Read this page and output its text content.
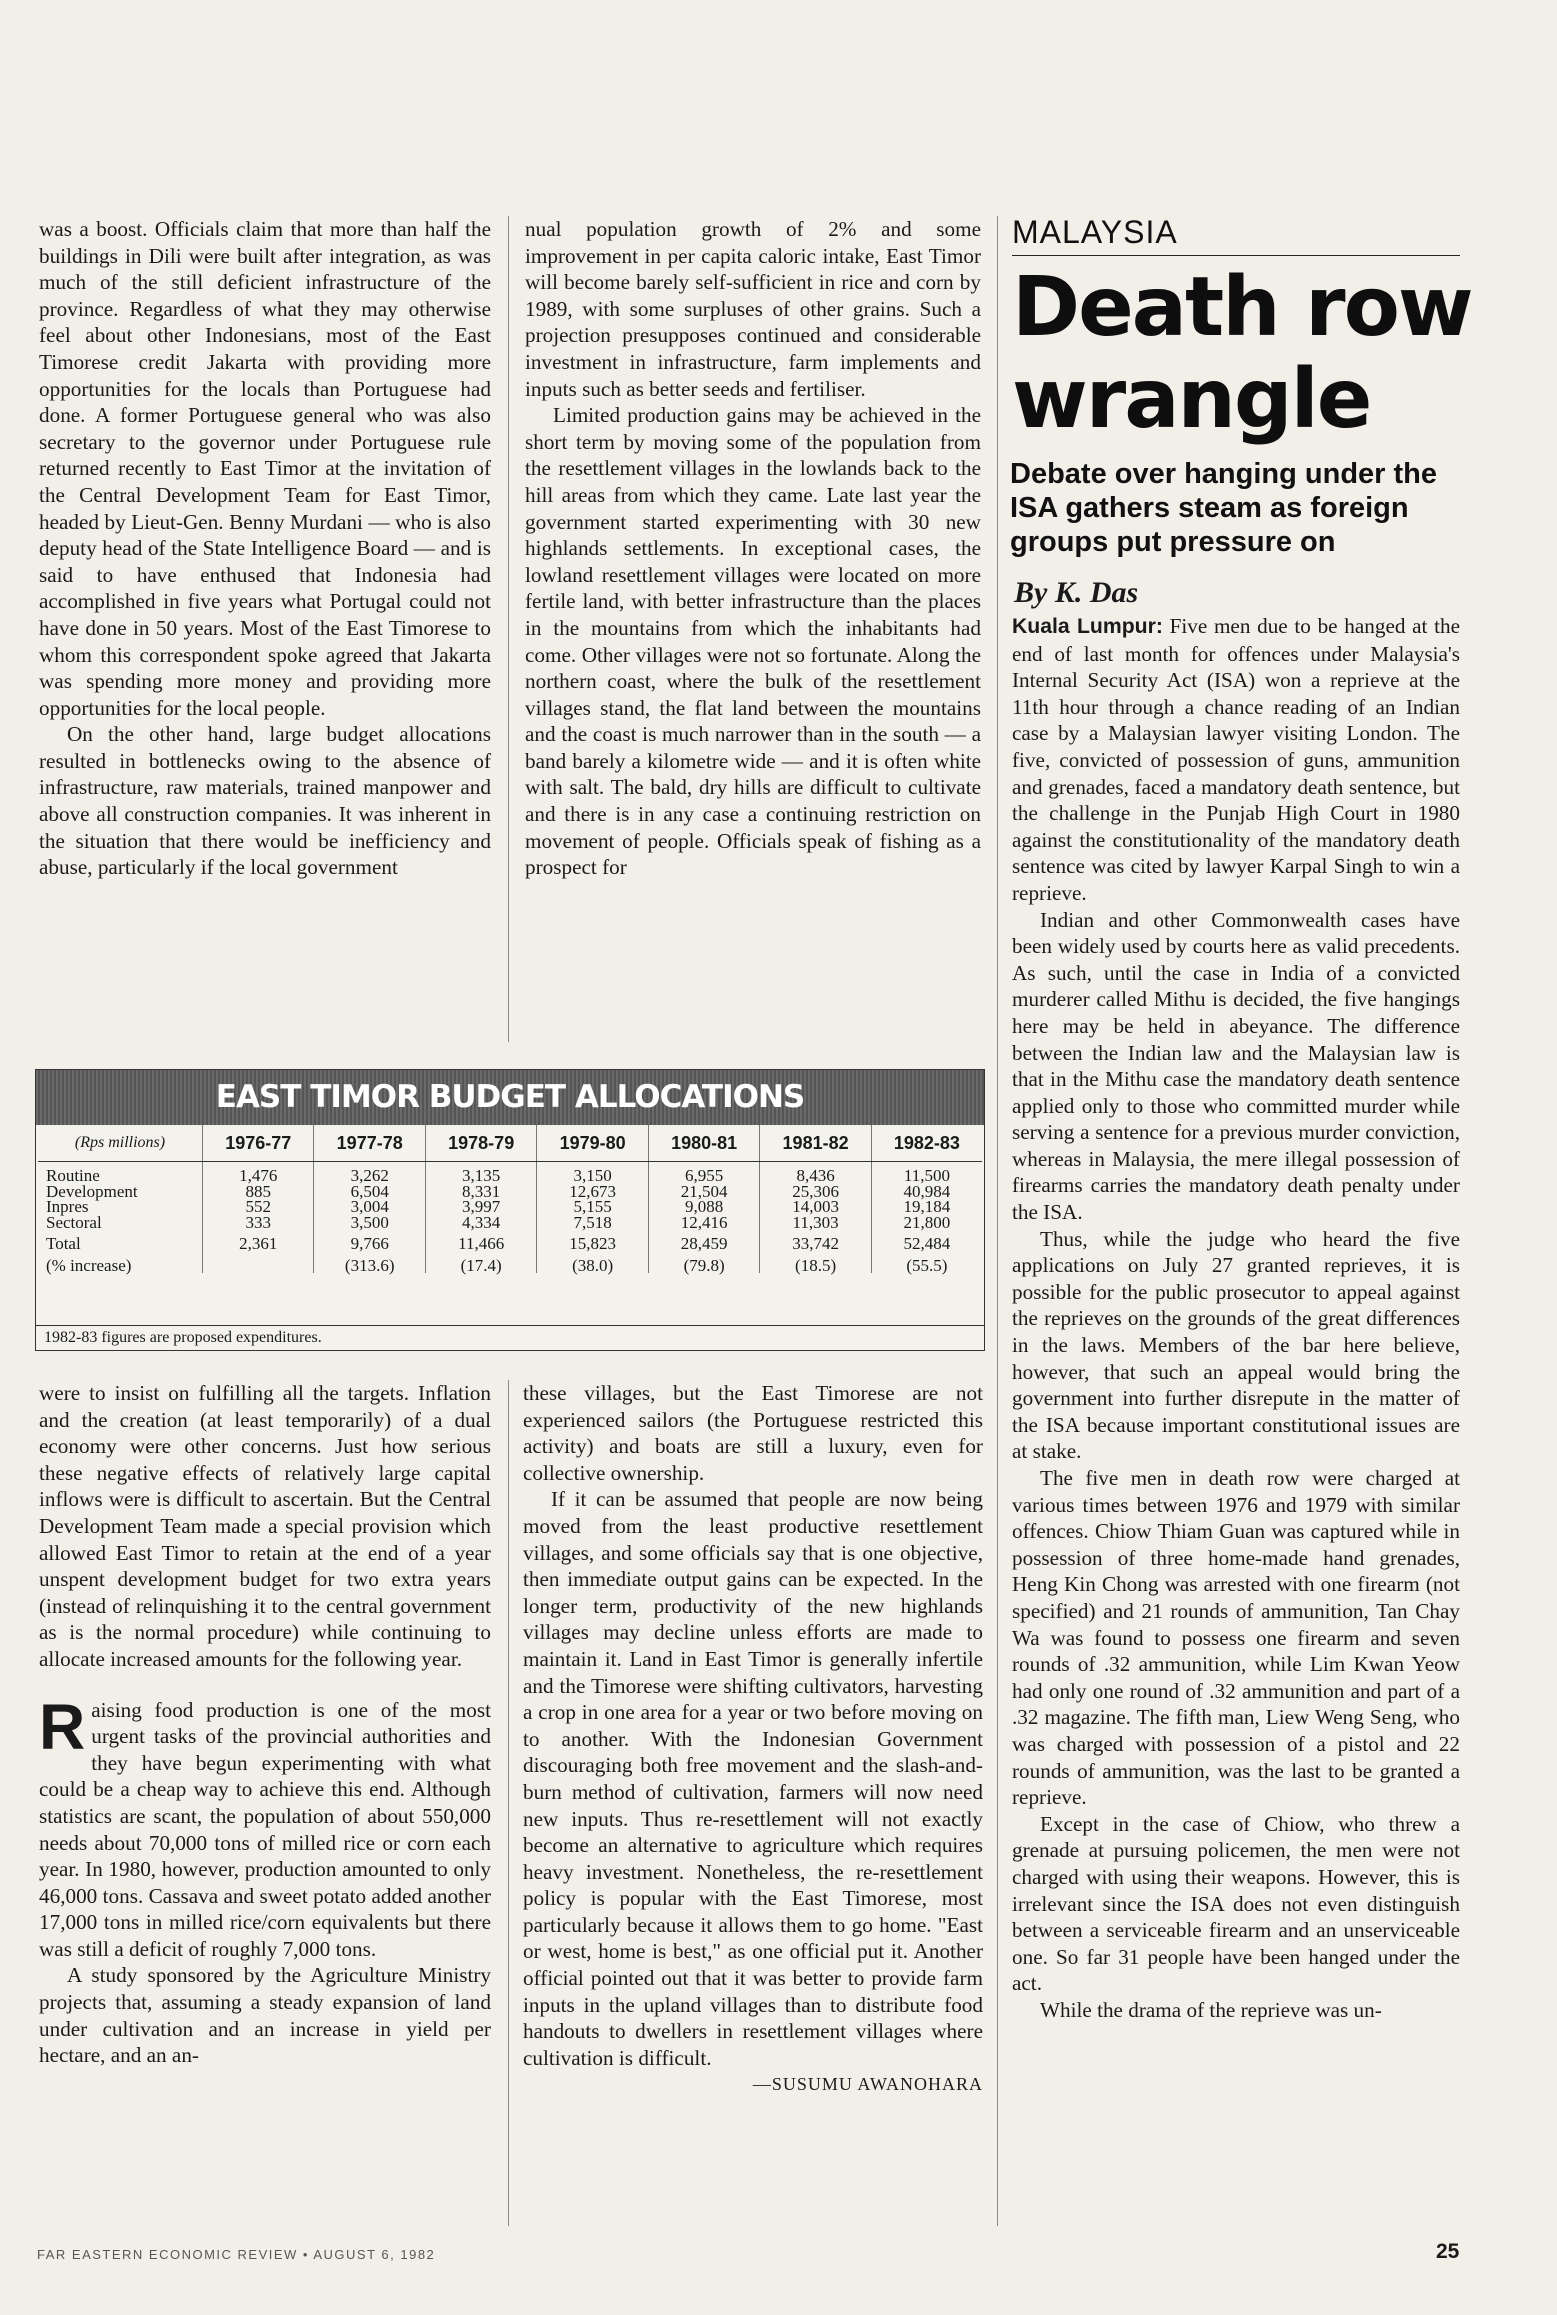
was a boost. Officials claim that more than half the buildings in Dili were built after integration, as was much of the still deficient infrastructure of the province. Regardless of what they may otherwise feel about other Indonesians, most of the East Timorese credit Jakarta with providing more opportunities for the locals than Portuguese had done. A former Portuguese general who was also secretary to the governor under Portuguese rule returned recently to East Timor at the invitation of the Central Development Team for East Timor, headed by Lieut-Gen. Benny Murdani — who is also deputy head of the State Intelligence Board — and is said to have enthused that Indonesia had accomplished in five years what Portugal could not have done in 50 years. Most of the East Timorese to whom this correspondent spoke agreed that Jakarta was spending more money and providing more opportunities for the local people.

On the other hand, large budget allocations resulted in bottlenecks owing to the absence of infrastructure, raw materials, trained manpower and above all construction companies. It was inherent in the situation that there would be inefficiency and abuse, particularly if the local government

nual population growth of 2% and some improvement in per capita caloric intake, East Timor will become barely self-sufficient in rice and corn by 1989, with some surpluses of other grains. Such a projection presupposes continued and considerable investment in infrastructure, farm implements and inputs such as better seeds and fertiliser.

Limited production gains may be achieved in the short term by moving some of the population from the resettlement villages in the lowlands back to the hill areas from which they came. Late last year the government started experimenting with 30 new highlands settlements. In exceptional cases, the lowland resettlement villages were located on more fertile land, with better infrastructure than the places in the mountains from which the inhabitants had come. Other villages were not so fortunate. Along the northern coast, where the bulk of the resettlement villages stand, the flat land between the mountains and the coast is much narrower than in the south — a band barely a kilometre wide — and it is often white with salt. The bald, dry hills are difficult to cultivate and there is in any case a continuing restriction on movement of people. Officials speak of fishing as a prospect for

EAST TIMOR BUDGET ALLOCATIONS
(Rps millions)	1976-77	1977-78	1978-79	1979-80	1980-81	1981-82	1982-83
Routine	1,476	3,262	3,135	3,150	6,955	8,436	11,500
Development	885	6,504	8,331	12,673	21,504	25,306	40,984
Inpres	552	3,004	3,997	5,155	9,088	14,003	19,184
Sectoral	333	3,500	4,334	7,518	12,416	11,303	21,800
Total	2,361	9,766	11,466	15,823	28,459	33,742	52,484
(% increase)		(313.6)	(17.4)	(38.0)	(79.8)	(18.5)	(55.5)
1982-83 figures are proposed expenditures.

were to insist on fulfilling all the targets. Inflation and the creation (at least temporarily) of a dual economy were other concerns. Just how serious these negative effects of relatively large capital inflows were is difficult to ascertain. But the Central Development Team made a special provision which allowed East Timor to retain at the end of a year unspent development budget for two extra years (instead of relinquishing it to the central government as is the normal procedure) while continuing to allocate increased amounts for the following year.

Raising food production is one of the most urgent tasks of the provincial authorities and they have begun experimenting with what could be a cheap way to achieve this end. Although statistics are scant, the population of about 550,000 needs about 70,000 tons of milled rice or corn each year. In 1980, however, production amounted to only 46,000 tons. Cassava and sweet potato added another 17,000 tons in milled rice/corn equivalents but there was still a deficit of roughly 7,000 tons.

A study sponsored by the Agriculture Ministry projects that, assuming a steady expansion of land under cultivation and an increase in yield per hectare, and an an-

these villages, but the East Timorese are not experienced sailors (the Portuguese restricted this activity) and boats are still a luxury, even for collective ownership.

If it can be assumed that people are now being moved from the least productive resettlement villages, and some officials say that is one objective, then immediate output gains can be expected. In the longer term, productivity of the new highlands villages may decline unless efforts are made to maintain it. Land in East Timor is generally infertile and the Timorese were shifting cultivators, harvesting a crop in one area for a year or two before moving on to another. With the Indonesian Government discouraging both free movement and the slash-and-burn method of cultivation, farmers will now need new inputs. Thus re-resettlement will not exactly become an alternative to agriculture which requires heavy investment. Nonetheless, the re-resettlement policy is popular with the East Timorese, most particularly because it allows them to go home. "East or west, home is best," as one official put it. Another official pointed out that it was better to provide farm inputs in the upland villages than to distribute food handouts to dwellers in resettlement villages where cultivation is difficult.

—SUSUMU AWANOHARA

MALAYSIA
Death row wrangle
Debate over hanging under the ISA gathers steam as foreign groups put pressure on
By K. Das

Kuala Lumpur: Five men due to be hanged at the end of last month for offences under Malaysia's Internal Security Act (ISA) won a reprieve at the 11th hour through a chance reading of an Indian case by a Malaysian lawyer visiting London. The five, convicted of possession of guns, ammunition and grenades, faced a mandatory death sentence, but the challenge in the Punjab High Court in 1980 against the constitutionality of the mandatory death sentence was cited by lawyer Karpal Singh to win a reprieve.

Indian and other Commonwealth cases have been widely used by courts here as valid precedents. As such, until the case in India of a convicted murderer called Mithu is decided, the five hangings here may be held in abeyance. The difference between the Indian law and the Malaysian law is that in the Mithu case the mandatory death sentence applied only to those who committed murder while serving a sentence for a previous murder conviction, whereas in Malaysia, the mere illegal possession of firearms carries the mandatory death penalty under the ISA.

Thus, while the judge who heard the five applications on July 27 granted reprieves, it is possible for the public prosecutor to appeal against the reprieves on the grounds of the great differences in the laws. Members of the bar here believe, however, that such an appeal would bring the government into further disrepute in the matter of the ISA because important constitutional issues are at stake.

The five men in death row were charged at various times between 1976 and 1979 with similar offences. Chiow Thiam Guan was captured while in possession of three home-made hand grenades, Heng Kin Chong was arrested with one firearm (not specified) and 21 rounds of ammunition, Tan Chay Wa was found to possess one firearm and seven rounds of .32 ammunition, while Lim Kwan Yeow had only one round of .32 ammunition and part of a .32 magazine. The fifth man, Liew Weng Seng, who was charged with possession of a pistol and 22 rounds of ammunition, was the last to be granted a reprieve.

Except in the case of Chiow, who threw a grenade at pursuing policemen, the men were not charged with using their weapons. However, this is irrelevant since the ISA does not even distinguish between a serviceable firearm and an unserviceable one. So far 31 people have been hanged under the act.

While the drama of the reprieve was un-

FAR EASTERN ECONOMIC REVIEW • AUGUST 6, 1982	25
